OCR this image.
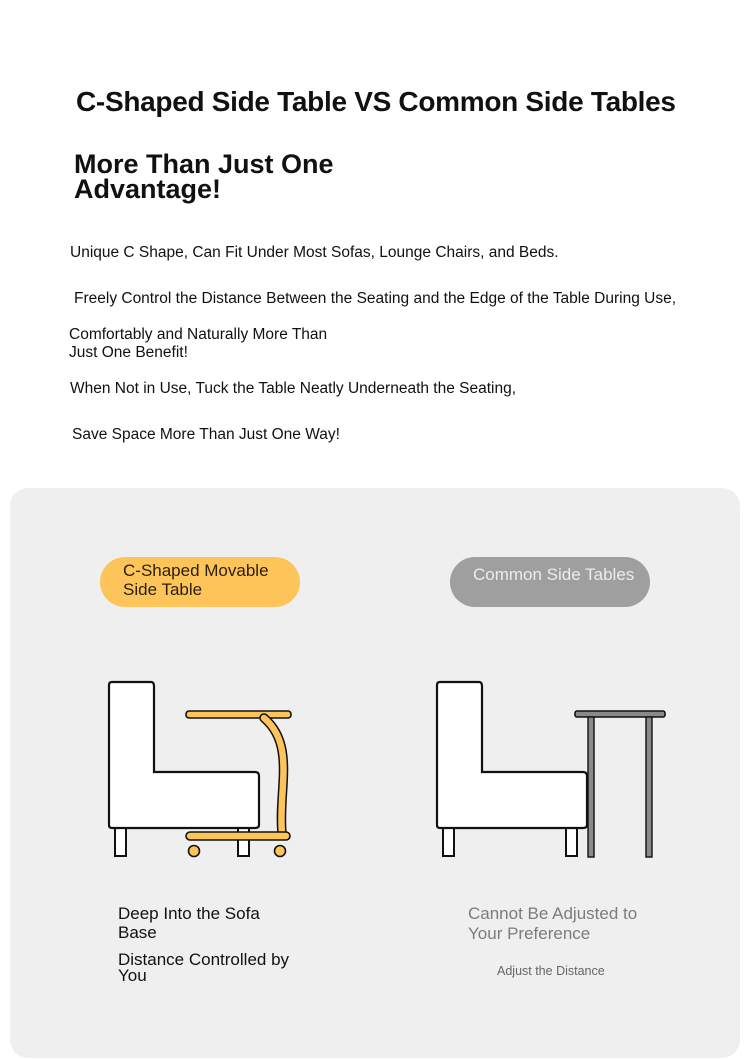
C-Shaped Side Table VS Common Side Tables
More Than Just One Advantage!
Unique C Shape, Can Fit Under Most Sofas, Lounge Chairs, and Beds.
Freely Control the Distance Between the Seating and the Edge of the Table During Use,
Comfortably and Naturally More Than Just One Benefit!
When Not in Use, Tuck the Table Neatly Underneath the Seating,
Save Space More Than Just One Way!
C-Shaped Movable Side Table
Common Side Tables
Deep Into the Sofa Base
Distance Controlled by You
Cannot Be Adjusted to Your Preference
Adjust the Distance
